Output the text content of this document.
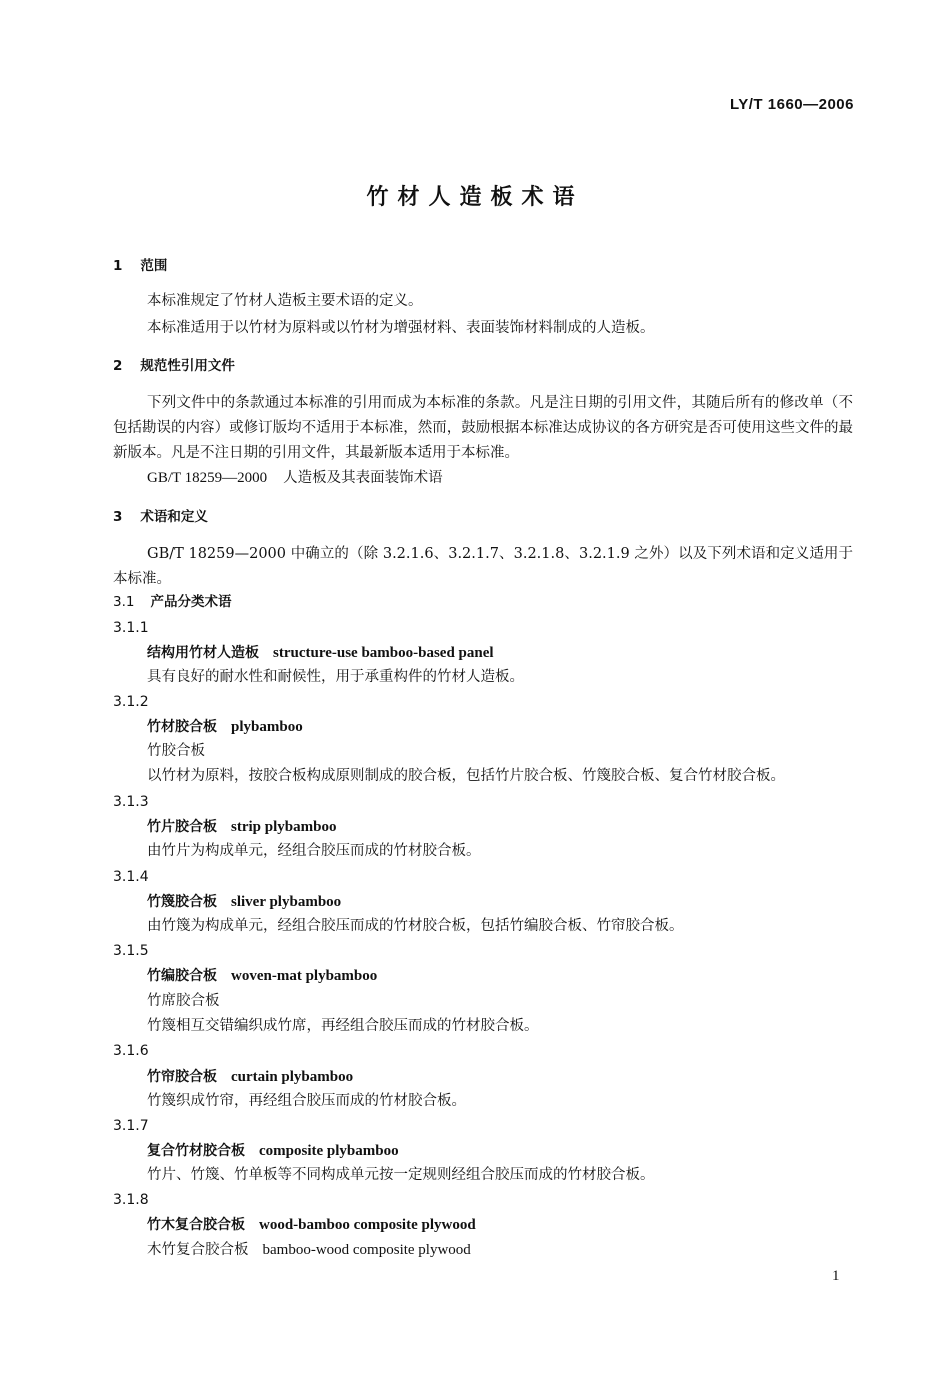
LY/T 1660—2006
竹材人造板术语
1 范围
本标准规定了竹材人造板主要术语的定义。
本标准适用于以竹材为原料或以竹材为增强材料、表面装饰材料制成的人造板。
2 规范性引用文件
下列文件中的条款通过本标准的引用而成为本标准的条款。凡是注日期的引用文件，其随后所有的修改单（不包括勘误的内容）或修订版均不适用于本标准，然而，鼓励根据本标准达成协议的各方研究是否可使用这些文件的最新版本。凡是不注日期的引用文件，其最新版本适用于本标准。
GB/T 18259—2000 人造板及其表面装饰术语
3 术语和定义
GB/T 18259—2000 中确立的（除 3.2.1.6、3.2.1.7、3.2.1.8、3.2.1.9 之外）以及下列术语和定义适用于本标准。
3.1 产品分类术语
3.1.1
结构用竹材人造板 structure-use bamboo-based panel
具有良好的耐水性和耐候性，用于承重构件的竹材人造板。
3.1.2
竹材胶合板 plybamboo
竹胶合板
以竹材为原料，按胶合板构成原则制成的胶合板，包括竹片胶合板、竹篾胶合板、复合竹材胶合板。
3.1.3
竹片胶合板 strip plybamboo
由竹片为构成单元，经组合胶压而成的竹材胶合板。
3.1.4
竹篾胶合板 sliver plybamboo
由竹篾为构成单元，经组合胶压而成的竹材胶合板，包括竹编胶合板、竹帘胶合板。
3.1.5
竹编胶合板 woven-mat plybamboo
竹席胶合板
竹篾相互交错编织成竹席，再经组合胶压而成的竹材胶合板。
3.1.6
竹帘胶合板 curtain plybamboo
竹篾织成竹帘，再经组合胶压而成的竹材胶合板。
3.1.7
复合竹材胶合板 composite plybamboo
竹片、竹篾、竹单板等不同构成单元按一定规则经组合胶压而成的竹材胶合板。
3.1.8
竹木复合胶合板 wood-bamboo composite plywood
木竹复合胶合板 bamboo-wood composite plywood
1
